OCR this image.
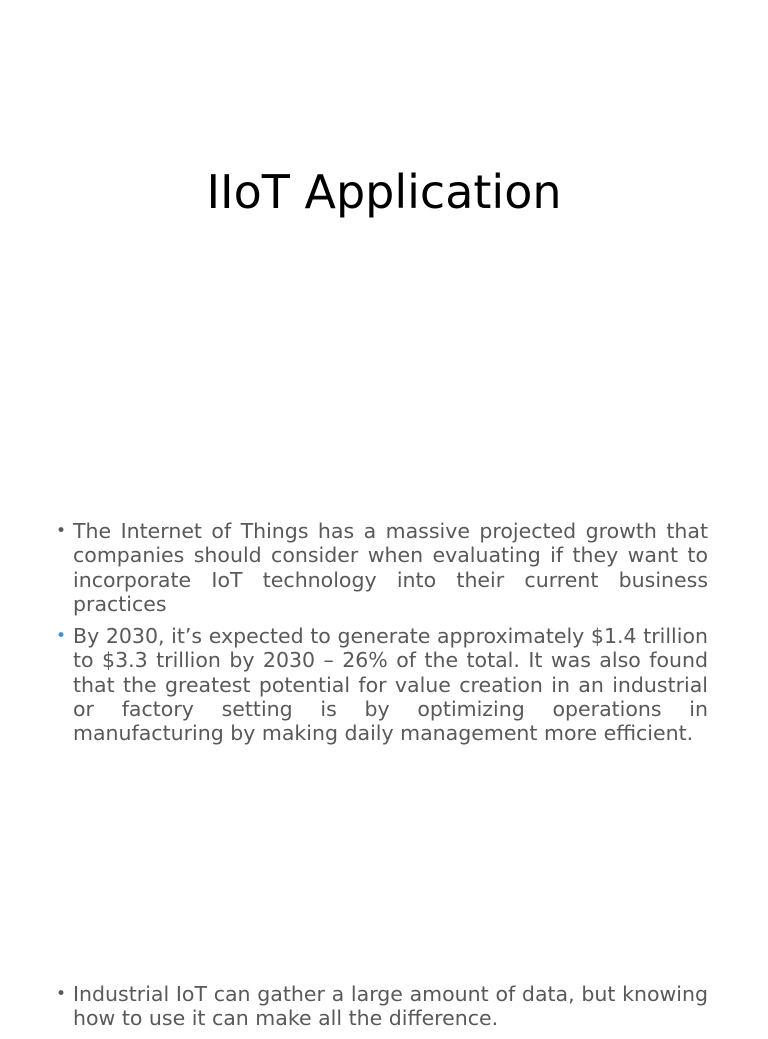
IIoT Application
• The Internet of Things has a massive projected growth that companies should consider when evaluating if they want to incorporate IoT technology into their current business practices
• By 2030, it’s expected to generate approximately $1.4 trillion to $3.3 trillion by 2030 – 26% of the total. It was also found that the greatest potential for value creation in an industrial or factory setting is by optimizing operations in manufacturing by making daily management more efficient.
• Industrial IoT can gather a large amount of data, but knowing how to use it can make all the difference.
